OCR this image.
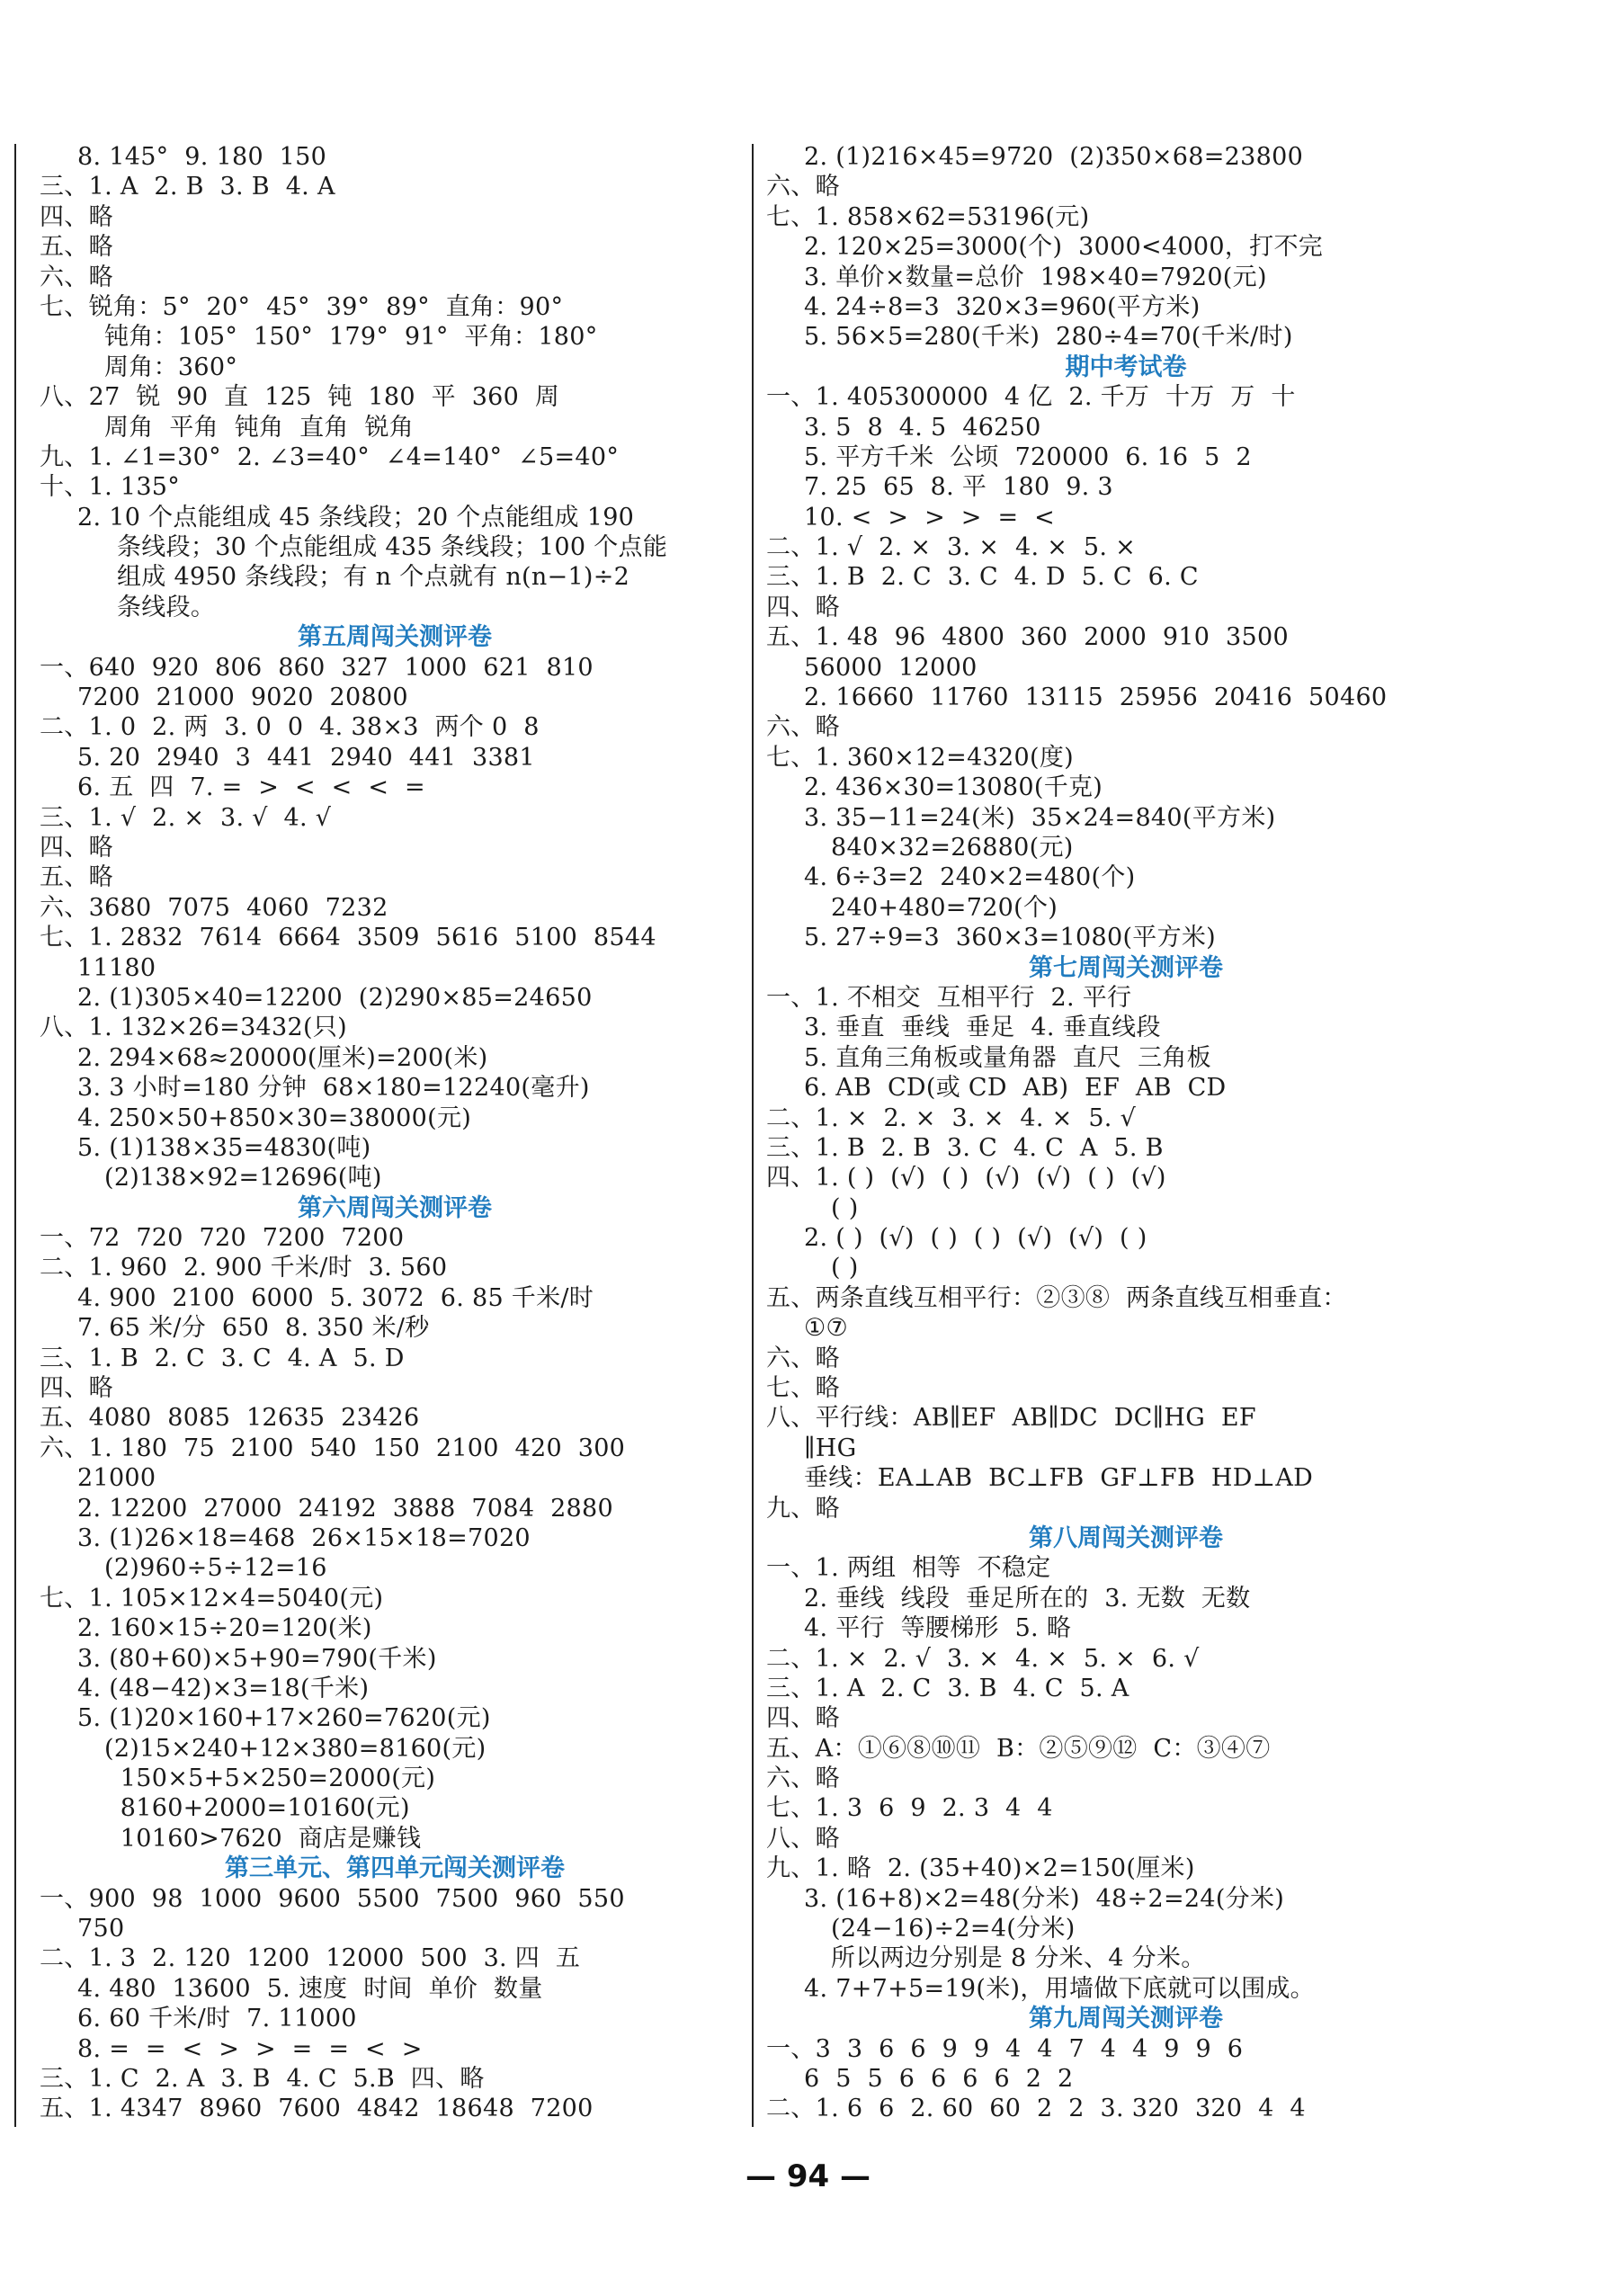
8. 145°  9. 180  150
三、1. A  2. B  3. B  4. A
四、略
五、略
六、略
七、锐角：5°  20°  45°  39°  89°  直角：90°
钝角：105°  150°  179°  91°  平角：180°
周角：360°
八、27  锐  90  直  125  钝  180  平  360  周
周角  平角  钝角  直角  锐角
九、1. ∠1=30°  2. ∠3=40°  ∠4=140°  ∠5=40°
十、1. 135°
2. 10 个点能组成 45 条线段；20 个点能组成 190
条线段；30 个点能组成 435 条线段；100 个点能
组成 4950 条线段；有 n 个点就有 n(n−1)÷2
条线段。
第五周闯关测评卷
一、640  920  806  860  327  1000  621  810
7200  21000  9020  20800
二、1. 0  2. 两  3. 0  0  4. 38×3  两个 0  8
5. 20  2940  3  441  2940  441  3381
6. 五  四  7. =  >  <  <  <  =
三、1. √  2. ×  3. √  4. √
四、略
五、略
六、3680  7075  4060  7232
七、1. 2832  7614  6664  3509  5616  5100  8544
11180
2. (1)305×40=12200  (2)290×85=24650
八、1. 132×26=3432(只)
2. 294×68≈20000(厘米)=200(米)
3. 3 小时=180 分钟  68×180=12240(毫升)
4. 250×50+850×30=38000(元)
5. (1)138×35=4830(吨)
(2)138×92=12696(吨)
第六周闯关测评卷
一、72  720  720  7200  7200
二、1. 960  2. 900 千米/时  3. 560
4. 900  2100  6000  5. 3072  6. 85 千米/时
7. 65 米/分  650  8. 350 米/秒
三、1. B  2. C  3. C  4. A  5. D
四、略
五、4080  8085  12635  23426
六、1. 180  75  2100  540  150  2100  420  300
21000
2. 12200  27000  24192  3888  7084  2880
3. (1)26×18=468  26×15×18=7020
(2)960÷5÷12=16
七、1. 105×12×4=5040(元)
2. 160×15÷20=120(米)
3. (80+60)×5+90=790(千米)
4. (48−42)×3=18(千米)
5. (1)20×160+17×260=7620(元)
(2)15×240+12×380=8160(元)
150×5+5×250=2000(元)
8160+2000=10160(元)
10160>7620  商店是赚钱
第三单元、第四单元闯关测评卷
一、900  98  1000  9600  5500  7500  960  550
750
二、1. 3  2. 120  1200  12000  500  3. 四  五
4. 480  13600  5. 速度  时间  单价  数量
6. 60 千米/时  7. 11000
8. =  =  <  >  >  =  =  <  >
三、1. C  2. A  3. B  4. C  5.B  四、略
五、1. 4347  8960  7600  4842  18648  7200
2. (1)216×45=9720  (2)350×68=23800
六、略
七、1. 858×62=53196(元)
2. 120×25=3000(个)  3000<4000，打不完
3. 单价×数量=总价  198×40=7920(元)
4. 24÷8=3  320×3=960(平方米)
5. 56×5=280(千米)  280÷4=70(千米/时)
期中考试卷
一、1. 405300000  4 亿  2. 千万  十万  万  十
3. 5  8  4. 5  46250
5. 平方千米  公顷  720000  6. 16  5  2
7. 25  65  8. 平  180  9. 3
10. <  >  >  >  =  <
二、1. √  2. ×  3. ×  4. ×  5. ×
三、1. B  2. C  3. C  4. D  5. C  6. C
四、略
五、1. 48  96  4800  360  2000  910  3500
56000  12000
2. 16660  11760  13115  25956  20416  50460
六、略
七、1. 360×12=4320(度)
2. 436×30=13080(千克)
3. 35−11=24(米)  35×24=840(平方米)
840×32=26880(元)
4. 6÷3=2  240×2=480(个)
240+480=720(个)
5. 27÷9=3  360×3=1080(平方米)
第七周闯关测评卷
一、1. 不相交  互相平行  2. 平行
3. 垂直  垂线  垂足  4. 垂直线段
5. 直角三角板或量角器  直尺  三角板
6. AB  CD(或 CD  AB)  EF  AB  CD
二、1. ×  2. ×  3. ×  4. ×  5. √
三、1. B  2. B  3. C  4. C  A  5. B
四、1. ( )  (√)  ( )  (√)  (√)  ( )  (√)
( )
2. ( )  (√)  ( )  ( )  (√)  (√)  ( )
( )
五、两条直线互相平行：②③⑧  两条直线互相垂直：
①⑦
六、略
七、略
八、平行线：AB∥EF  AB∥DC  DC∥HG  EF
∥HG
垂线：EA⊥AB  BC⊥FB  GF⊥FB  HD⊥AD
九、略
第八周闯关测评卷
一、1. 两组  相等  不稳定
2. 垂线  线段  垂足所在的  3. 无数  无数
4. 平行  等腰梯形  5. 略
二、1. ×  2. √  3. ×  4. ×  5. ×  6. √
三、1. A  2. C  3. B  4. C  5. A
四、略
五、A：①⑥⑧⑩⑪  B：②⑤⑨⑫  C：③④⑦
六、略
七、1. 3  6  9  2. 3  4  4
八、略
九、1. 略  2. (35+40)×2=150(厘米)
3. (16+8)×2=48(分米)  48÷2=24(分米)
(24−16)÷2=4(分米)
所以两边分别是 8 分米、4 分米。
4. 7+7+5=19(米)，用墙做下底就可以围成。
第九周闯关测评卷
一、3  3  6  6  9  9  4  4  7  4  4  9  9  6
6  5  5  6  6  6  6  2  2
二、1. 6  6  2. 60  60  2  2  3. 320  320  4  4
— 94 —
